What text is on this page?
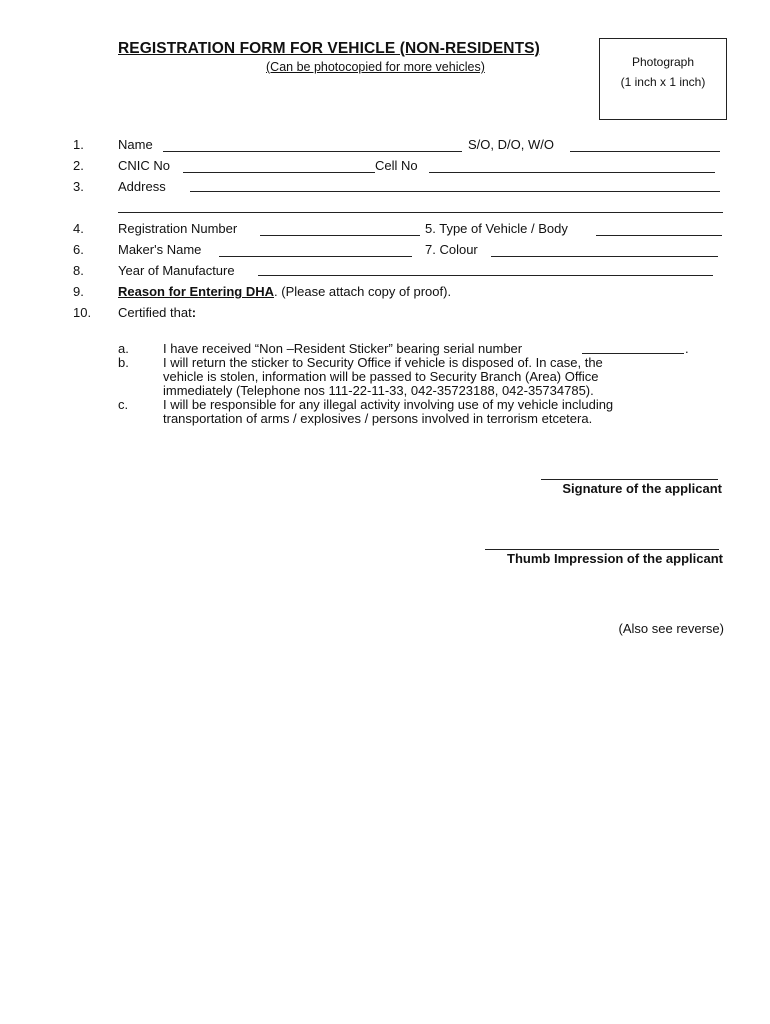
REGISTRATION FORM FOR VEHICLE (NON-RESIDENTS)
(Can be photocopied for more vehicles)	Photograph
(1 inch x 1 inch)
1.	Name	S/O, D/O, W/O
2.	CNIC No	Cell No
3.	Address
4.	Registration Number	5. Type of Vehicle / Body
6.	Maker's Name	7. Colour
8.	Year of Manufacture
9.	Reason for Entering DHA. (Please attach copy of proof).
10. Certified that:
a.	I have received “Non –Resident Sticker” bearing serial number	.
b.	I will return the sticker to Security Office if vehicle is disposed of. In case, the
vehicle is stolen, information will be passed to Security Branch (Area) Office
immediately (Telephone nos 111-22-11-33, 042-35723188, 042-35734785).
c.	I will be responsible for any illegal activity involving use of my vehicle including
transportation of arms / explosives / persons involved in terrorism etcetera.
Signature of the applicant
Thumb Impression of the applicant
(Also see reverse)
